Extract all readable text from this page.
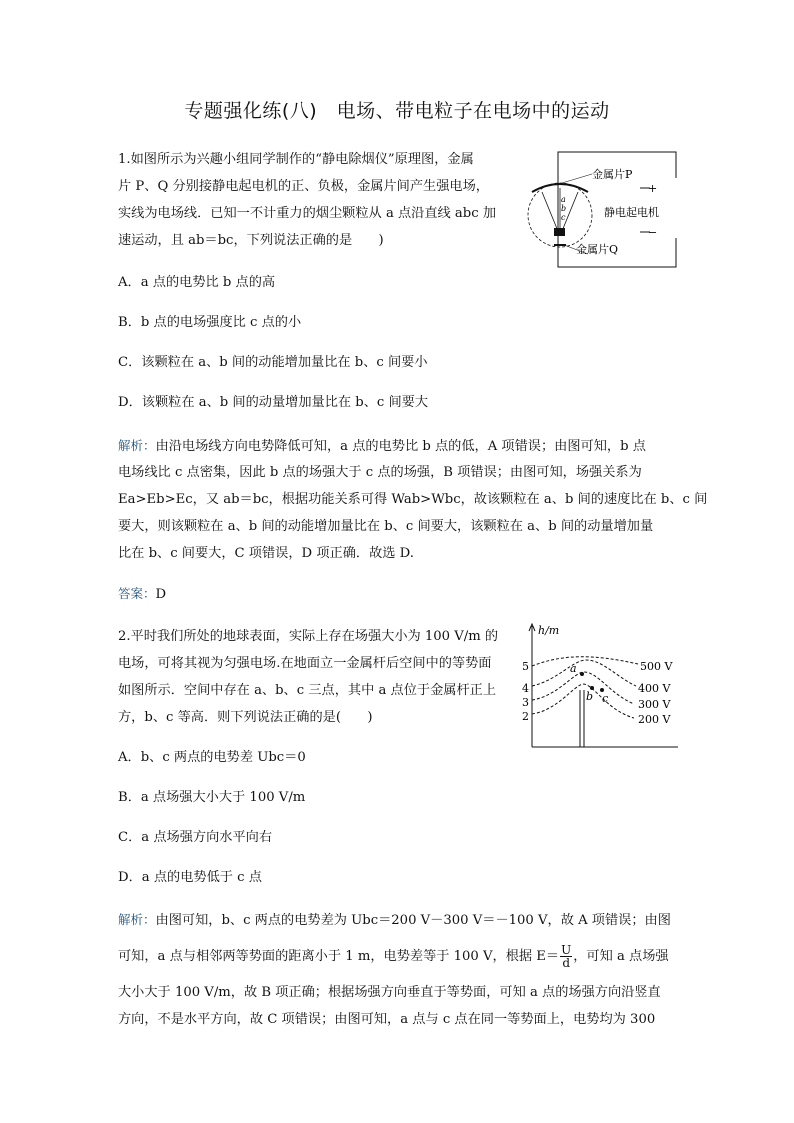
专题强化练(八)　电场、带电粒子在电场中的运动
1.如图所示为兴趣小组同学制作的“静电除烟仪”原理图，金属
片 P、Q 分别接静电起电机的正、负极，金属片间产生强电场，
实线为电场线．已知一不计重力的烟尘颗粒从 a 点沿直线 abc 加
速运动，且 ab＝bc，下列说法正确的是　　)
金属片P
金属片Q
静电起电机
+
−
a
b
c
A．a 点的电势比 b 点的高
B．b 点的电场强度比 c 点的小
C．该颗粒在 a、b 间的动能增加量比在 b、c 间要小
D．该颗粒在 a、b 间的动量增加量比在 b、c 间要大
解析：由沿电场线方向电势降低可知，a 点的电势比 b 点的低，A 项错误；由图可知，b 点
电场线比 c 点密集，因此 b 点的场强大于 c 点的场强，B 项错误；由图可知，场强关系为
Ea>Eb>Ec，又 ab＝bc，根据功能关系可得 Wab>Wbc，故该颗粒在 a、b 间的速度比在 b、c 间
要大，则该颗粒在 a、b 间的动能增加量比在 b、c 间要大，该颗粒在 a、b 间的动量增加量
比在 b、c 间要大，C 项错误，D 项正确．故选 D.
答案：D
2.平时我们所处的地球表面，实际上存在场强大小为 100 V/m 的
电场，可将其视为匀强电场.在地面立一金属杆后空间中的等势面
如图所示．空间中存在 a、b、c 三点，其中 a 点位于金属杆正上
方，b、c 等高．则下列说法正确的是(　　)
h/m
5
4
3
2
a
b c
500 V
400 V
300 V
200 V
A．b、c 两点的电势差 Ubc＝0
B．a 点场强大小大于 100 V/m
C．a 点场强方向水平向右
D．a 点的电势低于 c 点
解析：由图可知，b、c 两点的电势差为 Ubc＝200 V－300 V＝－100 V，故 A 项错误；由图
可知，a 点与相邻两等势面的距离小于 1 m，电势差等于 100 V，根据 $E= \frac{U}{d}$ ，可知 a 点场强
大小大于 100 V/m，故 B 项正确；根据场强方向垂直于等势面，可知 a 点的场强方向沿竖直
方向，不是水平方向，故 C 项错误；由图可知，a 点与 c 点在同一等势面上，电势均为 300
